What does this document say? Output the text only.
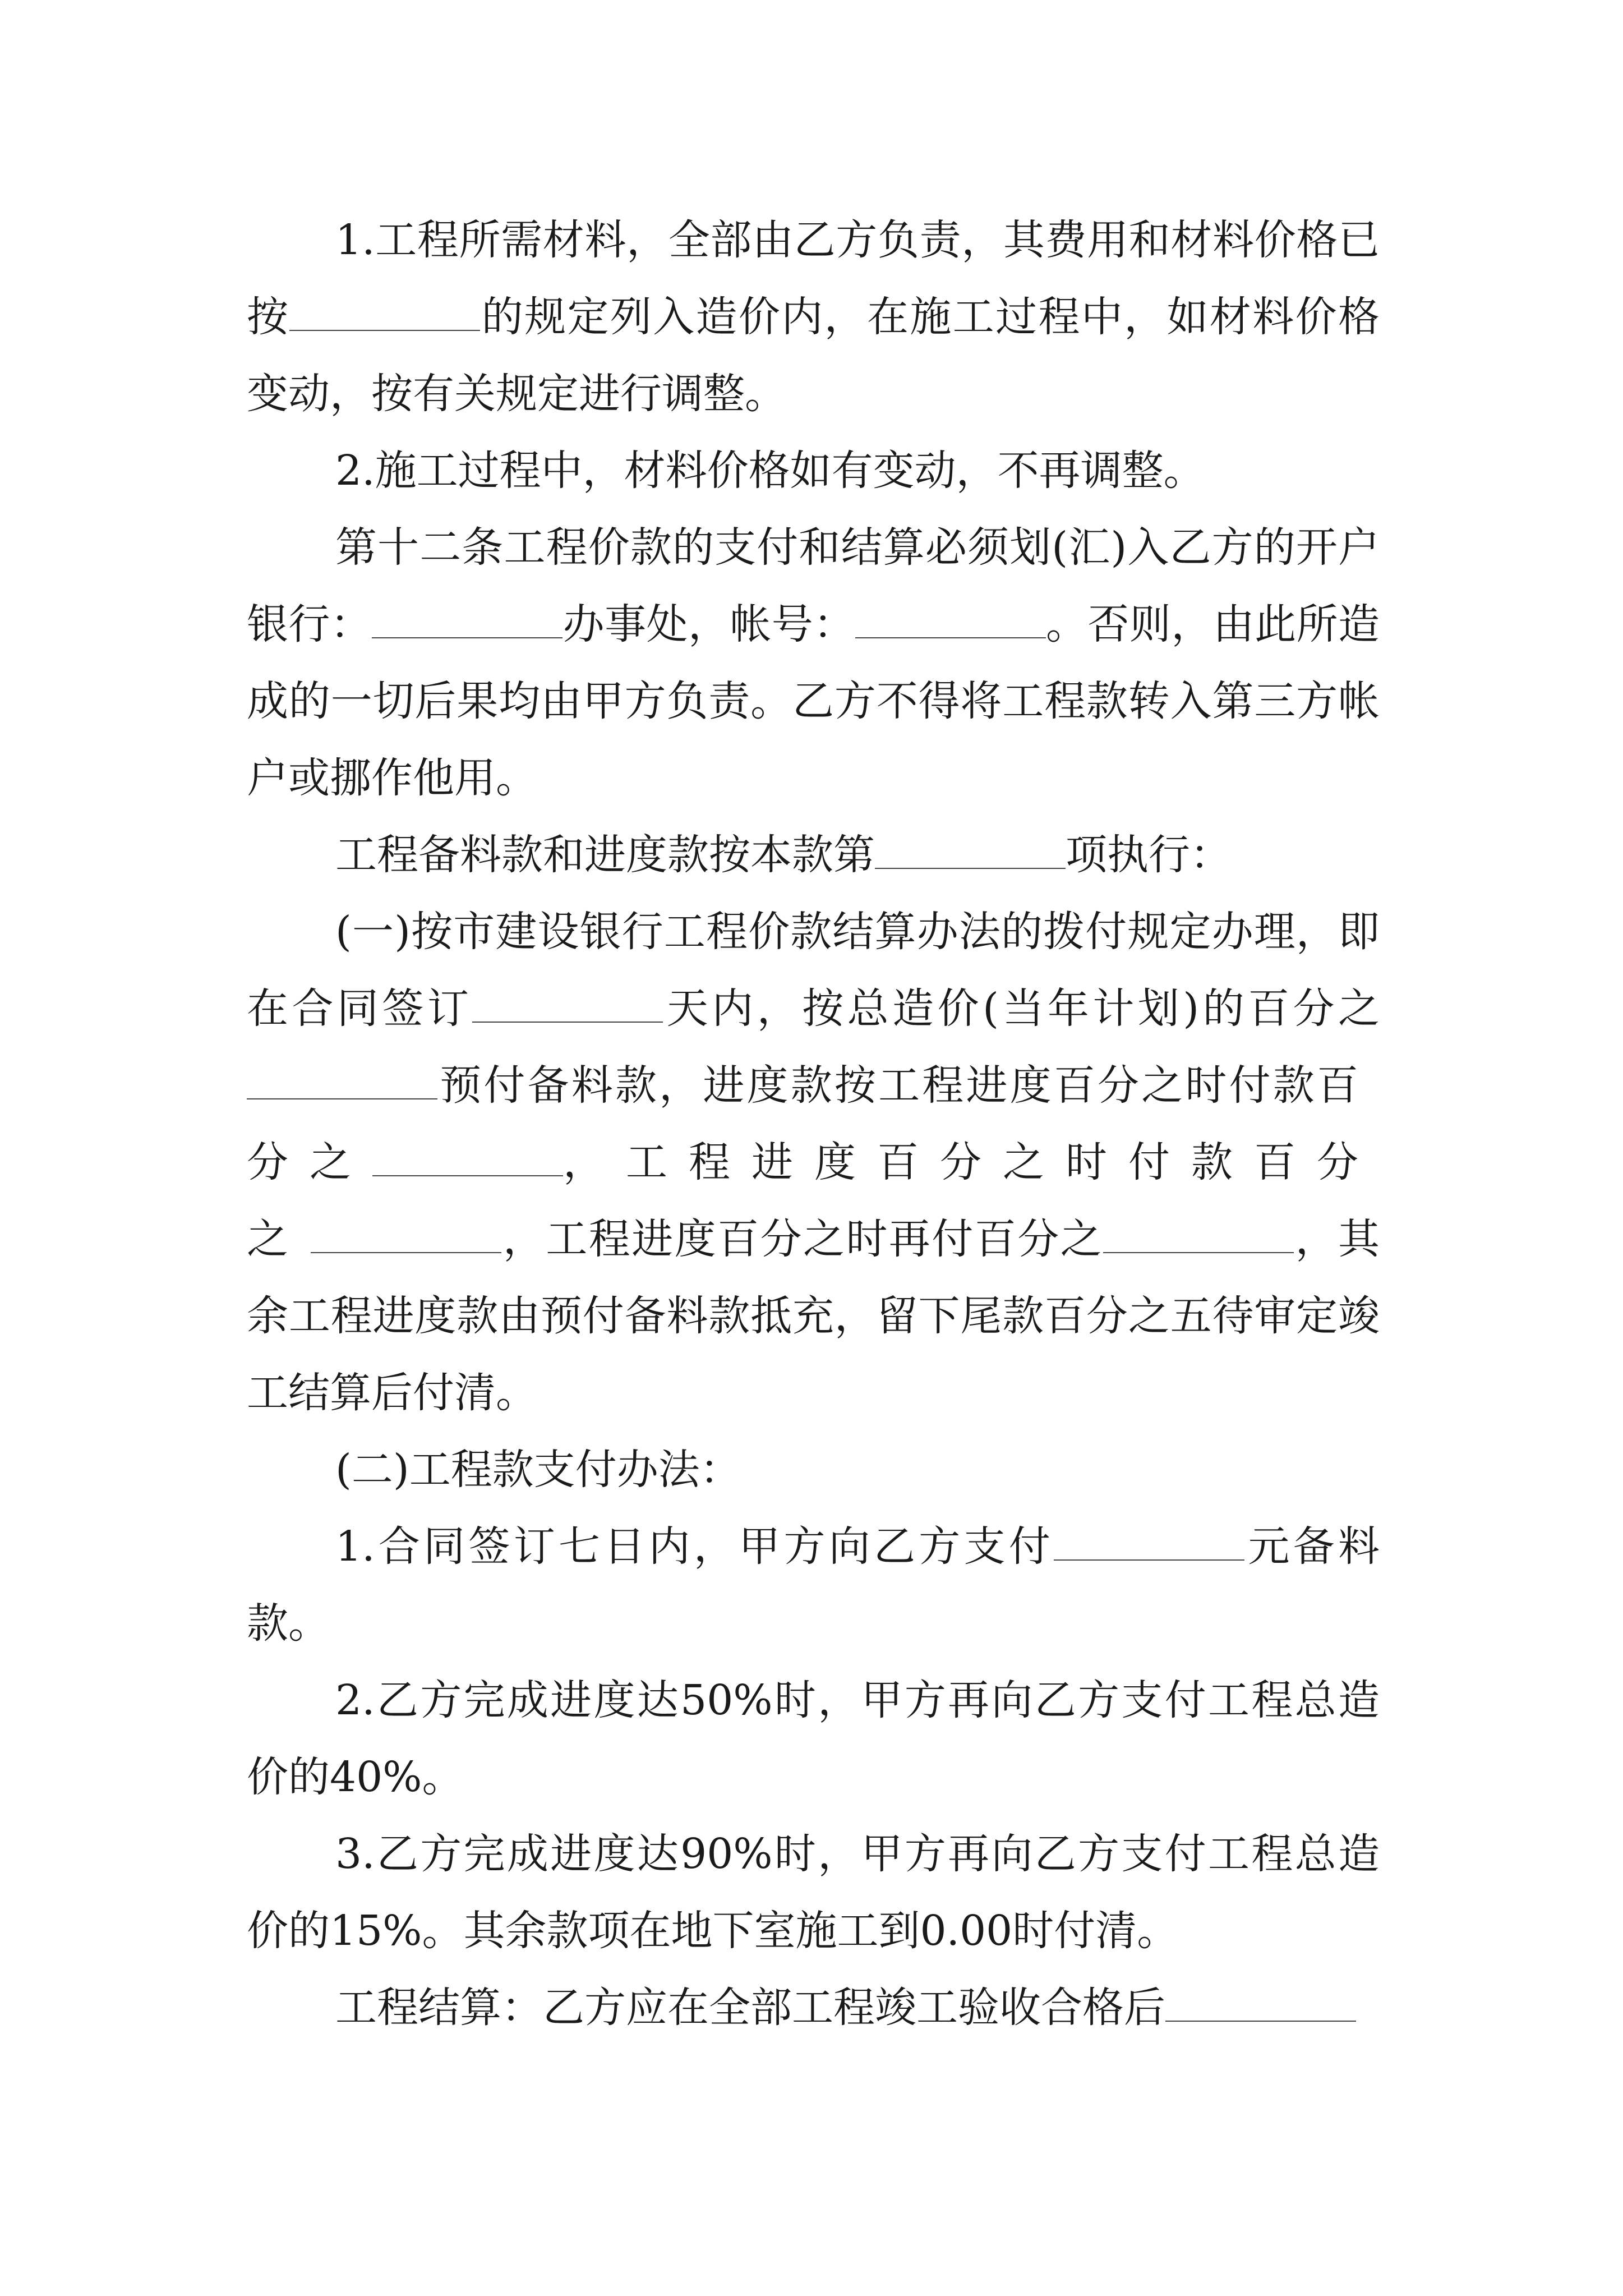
1.工程所需材料，全部由乙方负责，其费用和材料价格已按	的规定列入造价内，在施工过程中，如材料价格变动，按有关规定进行调整。

2.施工过程中，材料价格如有变动，不再调整。

第十二条工程价款的支付和结算必须划(汇)入乙方的开户银行：	办事处，帐号：	。否则，由此所造成的一切后果均由甲方负责。乙方不得将工程款转入第三方帐户或挪作他用。

工程备料款和进度款按本款第	项执行：

(一)按市建设银行工程价款结算办法的拨付规定办理，即在合同签订	天内，按总造价(当年计划)的百分之预付备料款，进度款按工程进度百分之时付款百分之	，工程进度百分之时付款百分之	，工程进度百分之时再付百分之	，其余工程进度款由预付备料款抵充，留下尾款百分之五待审定竣工结算后付清。

(二)工程款支付办法：

1.合同签订七日内，甲方向乙方支付	元备料款。

2.乙方完成进度达50%时，甲方再向乙方支付工程总造价的40%。

3.乙方完成进度达90%时，甲方再向乙方支付工程总造价的15%。其余款项在地下室施工到0.00时付清。

工程结算：乙方应在全部工程竣工验收合格后
